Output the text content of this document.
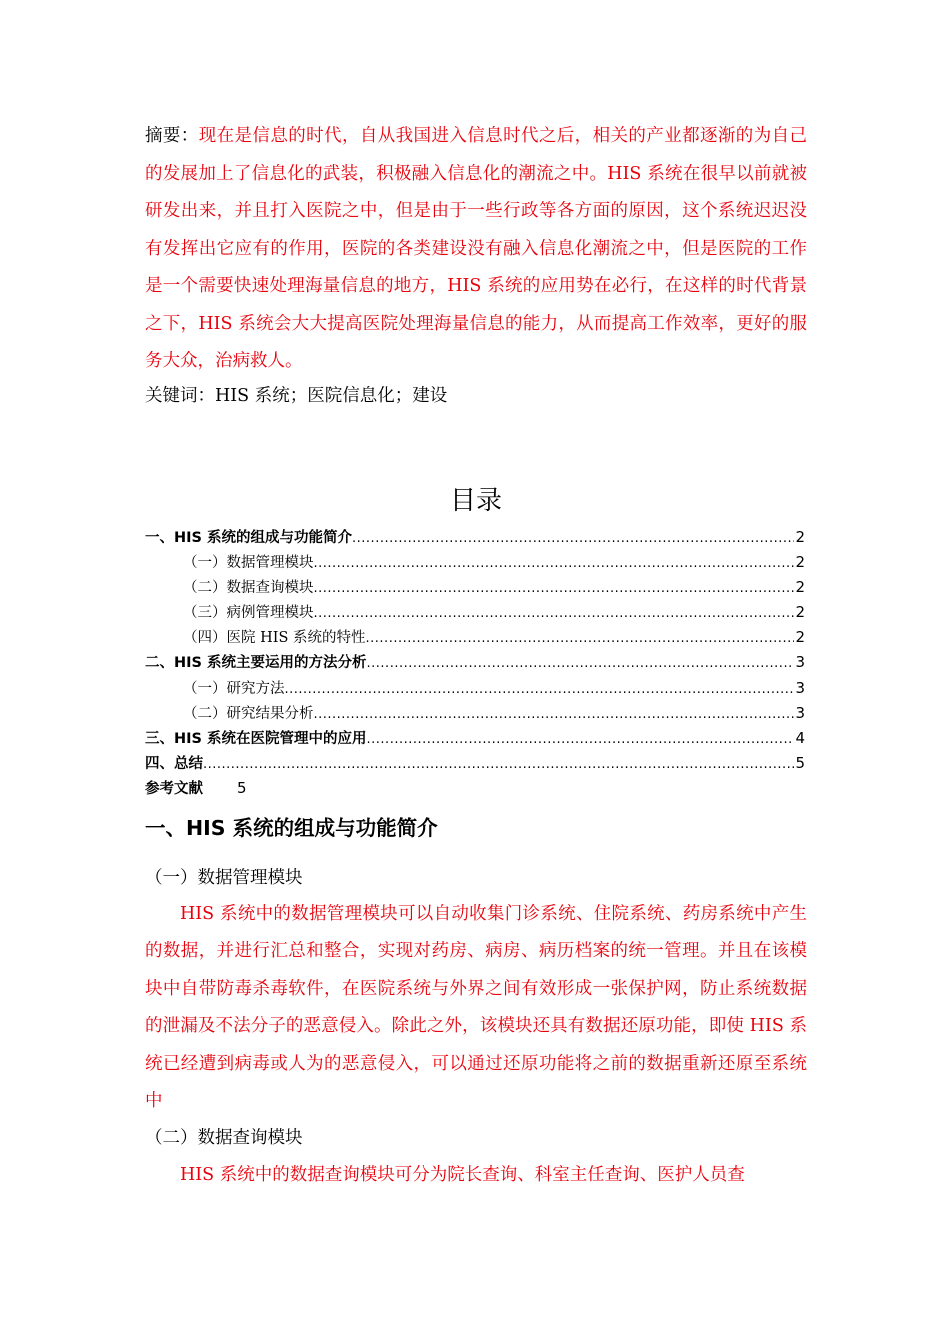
摘要：现在是信息的时代，自从我国进入信息时代之后，相关的产业都逐渐的为自己的发展加上了信息化的武装，积极融入信息化的潮流之中。HIS 系统在很早以前就被研发出来，并且打入医院之中，但是由于一些行政等各方面的原因，这个系统迟迟没有发挥出它应有的作用，医院的各类建设没有融入信息化潮流之中，但是医院的工作是一个需要快速处理海量信息的地方，HIS 系统的应用势在必行，在这样的时代背景之下，HIS 系统会大大提高医院处理海量信息的能力，从而提高工作效率，更好的服务大众，治病救人。

关键词：HIS 系统；医院信息化；建设

目录
一、HIS 系统的组成与功能简介 .....	2
（一）数据管理模块 .....	2
（二）数据查询模块 .....	2
（三）病例管理模块 .....	2
（四）医院 HIS 系统的特性 .....	2
二、HIS 系统主要运用的方法分析 .....	3
（一）研究方法 .....	3
（二）研究结果分析 .....	3
三、HIS 系统在医院管理中的应用 .....	4
四、总结 .....	5
参考文献 5
一、HIS 系统的组成与功能简介
（一）数据管理模块

HIS 系统中的数据管理模块可以自动收集门诊系统、住院系统、药房系统中产生的数据，并进行汇总和整合，实现对药房、病房、病历档案的统一管理。并且在该模块中自带防毒杀毒软件，在医院系统与外界之间有效形成一张保护网，防止系统数据的泄漏及不法分子的恶意侵入。除此之外，该模块还具有数据还原功能，即使 HIS 系统已经遭到病毒或人为的恶意侵入，可以通过还原功能将之前的数据重新还原至系统中

（二）数据查询模块

HIS 系统中的数据查询模块可分为院长查询、科室主任查询、医护人员查
